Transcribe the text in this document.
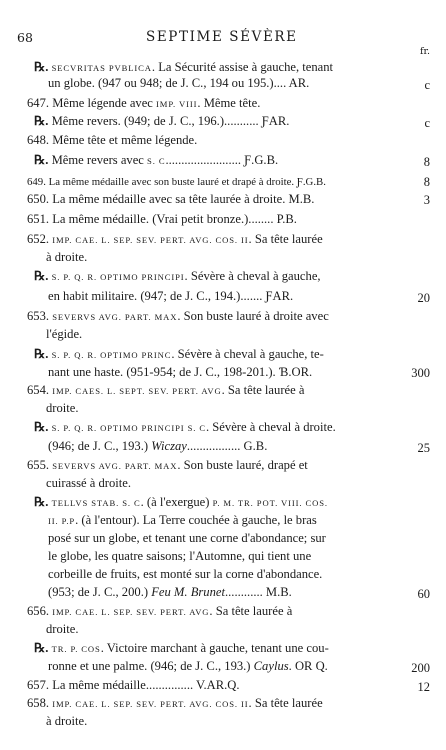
68	SEPTIME SÉVÈRE
fr.
℞. SECVRITAS PVBLICA. La Sécurité assise à gauche, tenant
un globe. (947 ou 948; de J. C., 194 ou 195.).... AR.
647. Même légende avec IMP. VIII. Même tête.
℞. Même revers. (949; de J. C., 196.)........... ƑAR.
648. Même tête et même légende.
℞. Même revers avec S. C........................ Ƒ.G.B.
649. La même médaille avec son buste lauré et drapé à droite. Ƒ.G.B.
650. La même médaille avec sa tête laurée à droite. M.B.
651. La même médaille. (Vrai petit bronze.)........ P.B.
652. IMP. CAE. L. SEP. SEV. PERT. AVG. COS. II. Sa tête laurée
à droite.
℞. S. P. Q. R. OPTIMO PRINCIPI. Sévère à cheval à gauche,
en habit militaire. (947; de J. C., 194.)....... ƑAR.
653. SEVERVS AVG. PART. MAX. Son buste lauré à droite avec
l'égide.
℞. S. P. Q. R. OPTIMO PRINC. Sévère à cheval à gauche, te-
nant une haste. (951-954; de J. C., 198-201.). Ɓ.OR.
654. IMP. CAES. L. SEPT. SEV. PERT. AVG. Sa tête laurée à
droite.
℞. S. P. Q. R. OPTIMO PRINCIPI S. C. Sévère à cheval à droite.
(946; de J. C., 193.) Wiczay................. G.B.
655. SEVERVS AVG. PART. MAX. Son buste lauré, drapé et
cuirassé à droite.
℞. TELLVS STAB. S. C. (à l'exergue) P. M. TR. POT. VIII. COS.
II. P.P. (à l'entour). La Terre couchée à gauche, le bras
posé sur un globe, et tenant une corne d'abondance; sur
le globe, les quatre saisons; l'Automne, qui tient une
corbeille de fruits, est monté sur la corne d'abondance.
(953; de J. C., 200.) Feu M. Brunet............ M.B.
656. IMP. CAE. L. SEP. SEV. PERT. AVG. Sa tête laurée à
droite.
℞. TR. P. COS. Victoire marchant à gauche, tenant une cou-
ronne et une palme. (946; de J. C., 193.) Caylus. OR Q.
657. La même médaille............... V.AR.Q.
658. IMP. CAE. L. SEP. SEV. PERT. AVG. COS. II. Sa tête laurée
à droite.
c
c
8
8
3
20
300
25
60
200
12
